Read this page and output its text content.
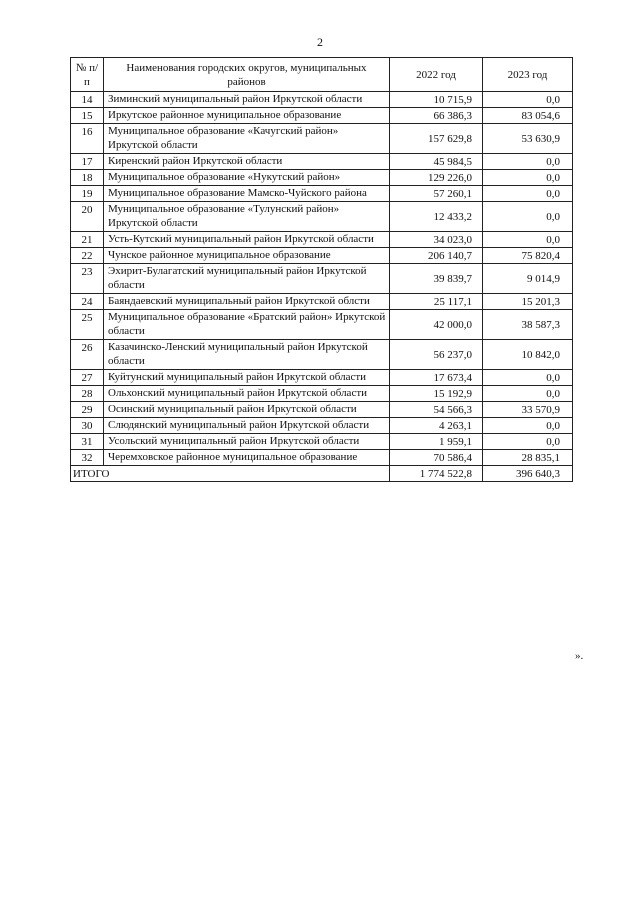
2
№ п/п	Наименования городских округов, муниципальных районов	2022 год	2023 год
14	Зиминский муниципальный район Иркутской области	10 715,9	0,0
15	Иркутское районное муниципальное образование	66 386,3	83 054,6
16	Муниципальное образование «Качугский район» Иркутской области	157 629,8	53 630,9
17	Киренский район Иркутской области	45 984,5	0,0
18	Муниципальное образование «Нукутский район»	129 226,0	0,0
19	Муниципальное образование Мамско-Чуйского района	57 260,1	0,0
20	Муниципальное образование «Тулунский район» Иркутской области	12 433,2	0,0
21	Усть-Кутский муниципальный район Иркутской области	34 023,0	0,0
22	Чунское районное муниципальное образование	206 140,7	75 820,4
23	Эхирит-Булагатский муниципальный район Иркутской области	39 839,7	9 014,9
24	Баяндаевский муниципальный район Иркутской облсти	25 117,1	15 201,3
25	Муниципальное образование «Братский район» Иркутской области	42 000,0	38 587,3
26	Казачинско-Ленский муниципальный район Иркутской области	56 237,0	10 842,0
27	Куйтунский муниципальный район Иркутской области	17 673,4	0,0
28	Ольхонский муниципальный район Иркутской области	15 192,9	0,0
29	Осинский муниципальный район Иркутской области	54 566,3	33 570,9
30	Слюдянский муниципальный район Иркутской области	4 263,1	0,0
31	Усольский муниципальный район Иркутской области	1 959,1	0,0
32	Черемховское районное муниципальное образование	70 586,4	28 835,1
ИТОГО		1 774 522,8	396 640,3
».
